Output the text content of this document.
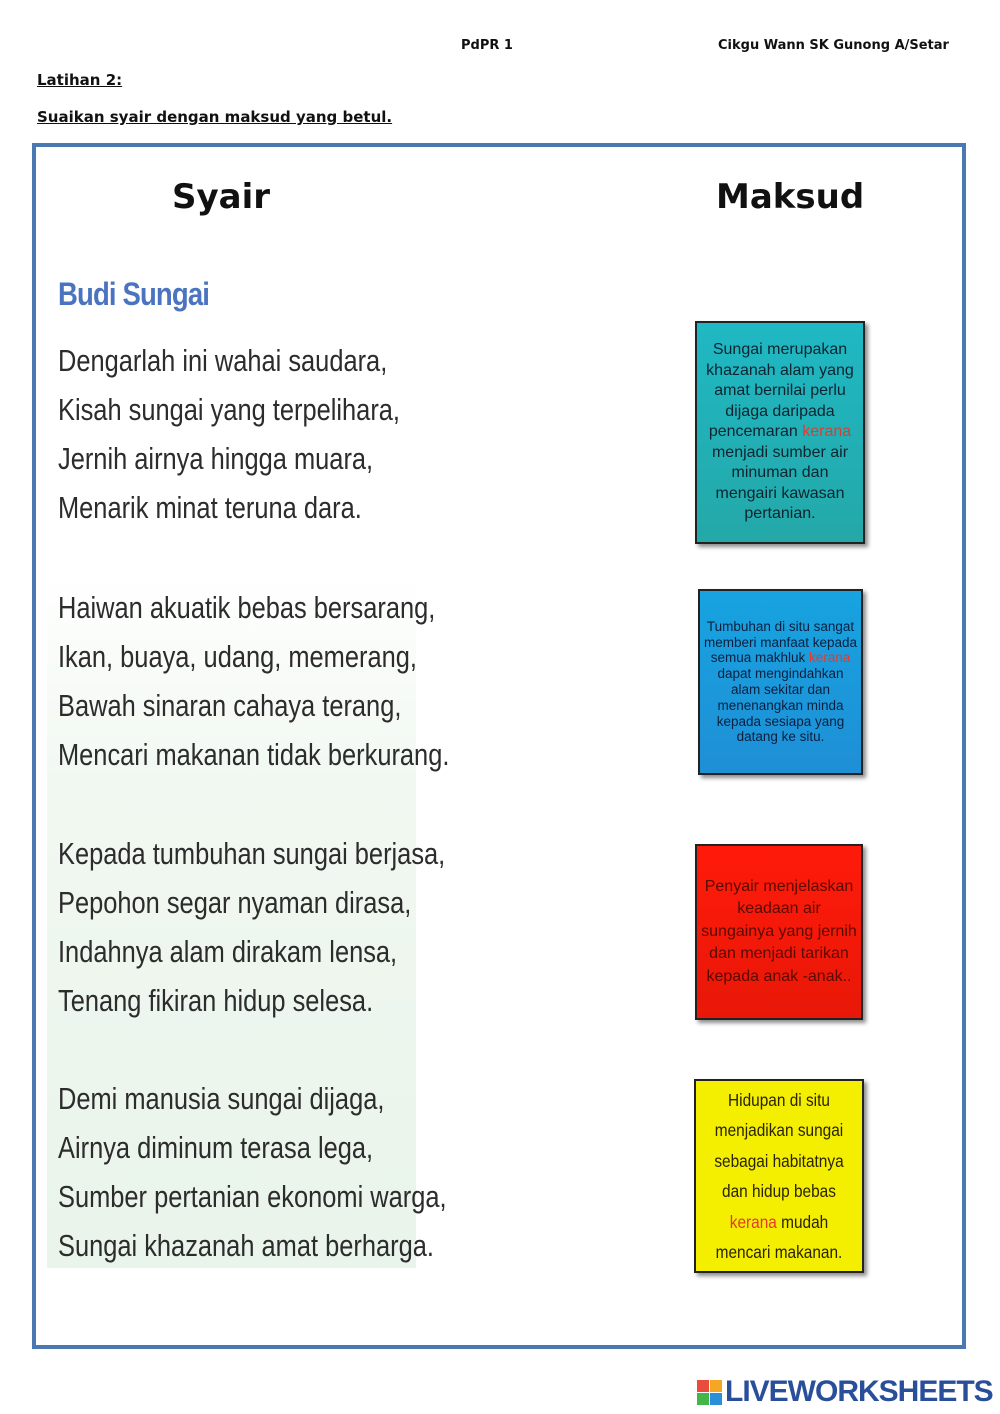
PdPR 1	Cikgu Wann SK Gunong A/Setar
Latihan 2:
Suaikan syair dengan maksud yang betul.
Syair	Maksud
Budi Sungai
Dengarlah ini wahai saudara,
Kisah sungai yang terpelihara,
Jernih airnya hingga muara,
Menarik minat teruna dara.
Haiwan akuatik bebas bersarang,
Ikan, buaya, udang, memerang,
Bawah sinaran cahaya terang,
Mencari makanan tidak berkurang.
Kepada tumbuhan sungai berjasa,
Pepohon segar nyaman dirasa,
Indahnya alam dirakam lensa,
Tenang fikiran hidup selesa.
Demi manusia sungai dijaga,
Airnya diminum terasa lega,
Sumber pertanian ekonomi warga,
Sungai khazanah amat berharga.
Sungai merupakan khazanah alam yang amat bernilai perlu dijaga daripada pencemaran kerana menjadi sumber air minuman dan mengairi kawasan pertanian.
Tumbuhan di situ sangat memberi manfaat kepada semua makhluk kerana dapat mengindahkan alam sekitar dan menenangkan minda kepada sesiapa yang datang ke situ.
Penyair menjelaskan keadaan air sungainya yang jernih dan menjadi tarikan kepada anak -anak..
Hidupan di situ menjadikan sungai sebagai habitatnya dan hidup bebas kerana mudah mencari makanan.
LIVEWORKSHEETS
